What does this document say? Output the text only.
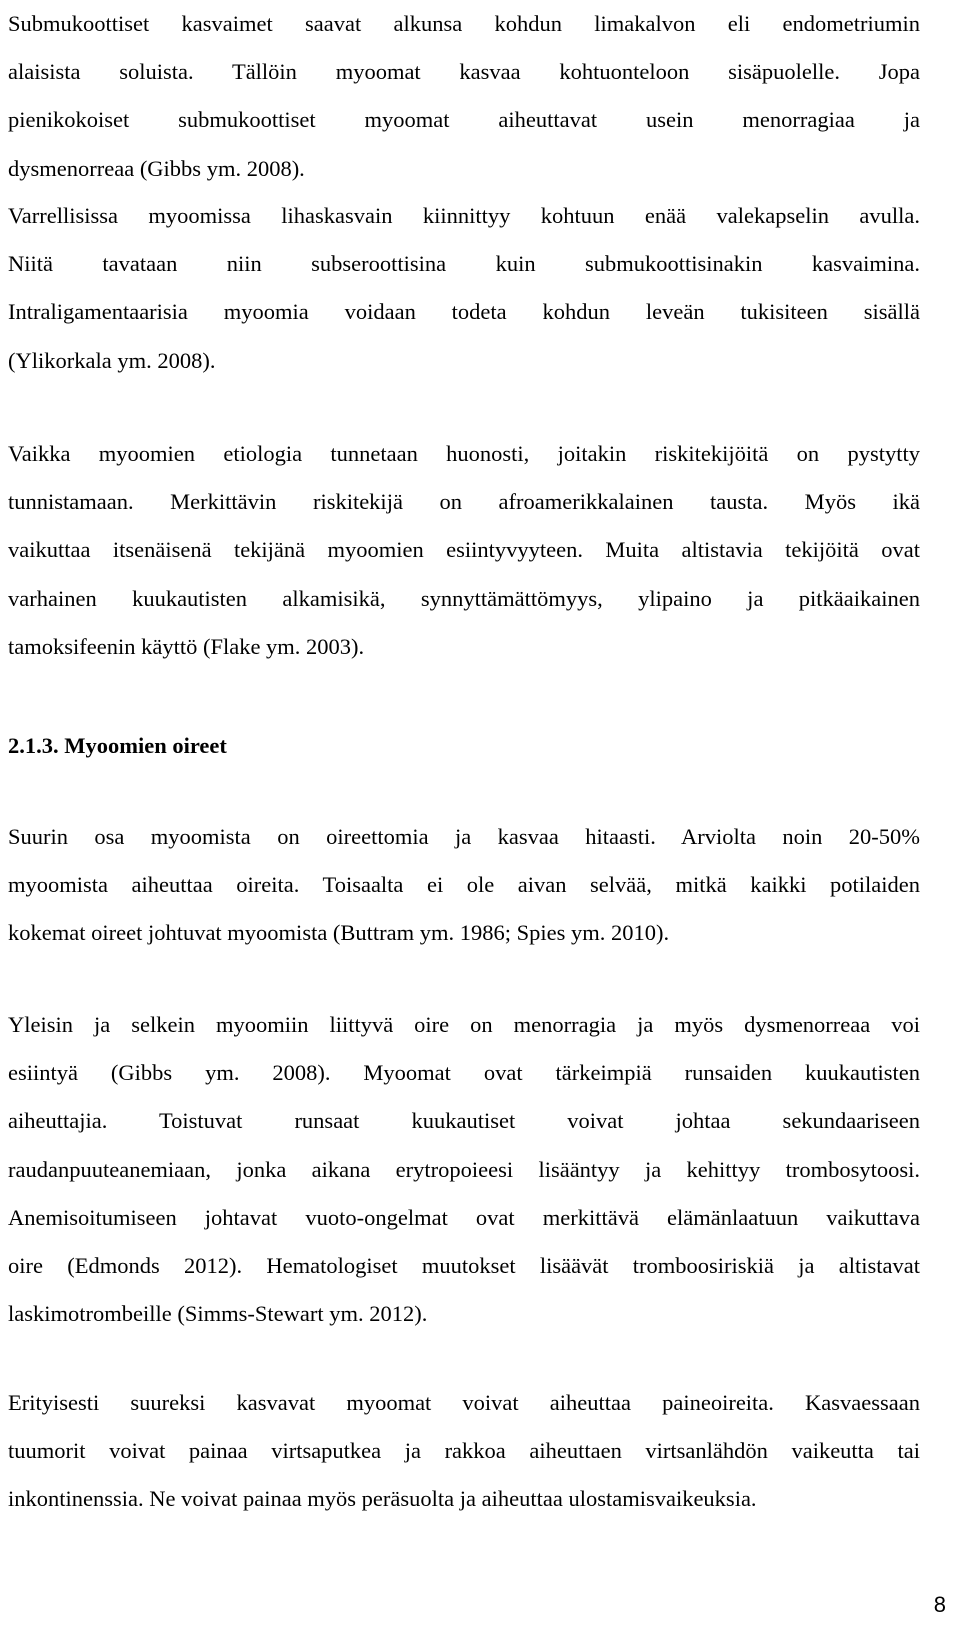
Submukoottiset kasvaimet saavat alkunsa kohdun limakalvon eli endometriumin
alaisista soluista. Tällöin myoomat kasvaa kohtuonteloon sisäpuolelle. Jopa
pienikokoiset submukoottiset myoomat aiheuttavat usein menorragiaa ja
dysmenorreaa (Gibbs ym. 2008).
Varrellisissa myoomissa lihaskasvain kiinnittyy kohtuun enää valekapselin avulla.
Niitä tavataan niin subseroottisina kuin submukoottisinakin kasvaimina.
Intraligamentaarisia myoomia voidaan todeta kohdun leveän tukisiteen sisällä
(Ylikorkala ym. 2008).
Vaikka myoomien etiologia tunnetaan huonosti, joitakin riskitekijöitä on pystytty
tunnistamaan. Merkittävin riskitekijä on afroamerikkalainen tausta. Myös ikä
vaikuttaa itsenäisenä tekijänä myoomien esiintyvyyteen. Muita altistavia tekijöitä ovat
varhainen kuukautisten alkamisikä, synnyttämättömyys, ylipaino ja pitkäaikainen
tamoksifeenin käyttö (Flake ym. 2003).
2.1.3. Myoomien oireet
Suurin osa myoomista on oireettomia ja kasvaa hitaasti. Arviolta noin 20-50%
myoomista aiheuttaa oireita. Toisaalta ei ole aivan selvää, mitkä kaikki potilaiden
kokemat oireet johtuvat myoomista (Buttram ym. 1986; Spies ym. 2010).
Yleisin ja selkein myoomiin liittyvä oire on menorragia ja myös dysmenorreaa voi
esiintyä (Gibbs ym. 2008). Myoomat ovat tärkeimpiä runsaiden kuukautisten
aiheuttajia. Toistuvat runsaat kuukautiset voivat johtaa sekundaariseen
raudanpuuteanemiaan, jonka aikana erytropoieesi lisääntyy ja kehittyy trombosytoosi.
Anemisoitumiseen johtavat vuoto-ongelmat ovat merkittävä elämänlaatuun vaikuttava
oire (Edmonds 2012). Hematologiset muutokset lisäävät tromboosiriskiä ja altistavat
laskimotrombeille (Simms-Stewart ym. 2012).
Erityisesti suureksi kasvavat myoomat voivat aiheuttaa paineoireita. Kasvaessaan
tuumorit voivat painaa virtsaputkea ja rakkoa aiheuttaen virtsanlähdön vaikeutta tai
inkontinenssia. Ne voivat painaa myös peräsuolta ja aiheuttaa ulostamisvaikeuksia.
8
